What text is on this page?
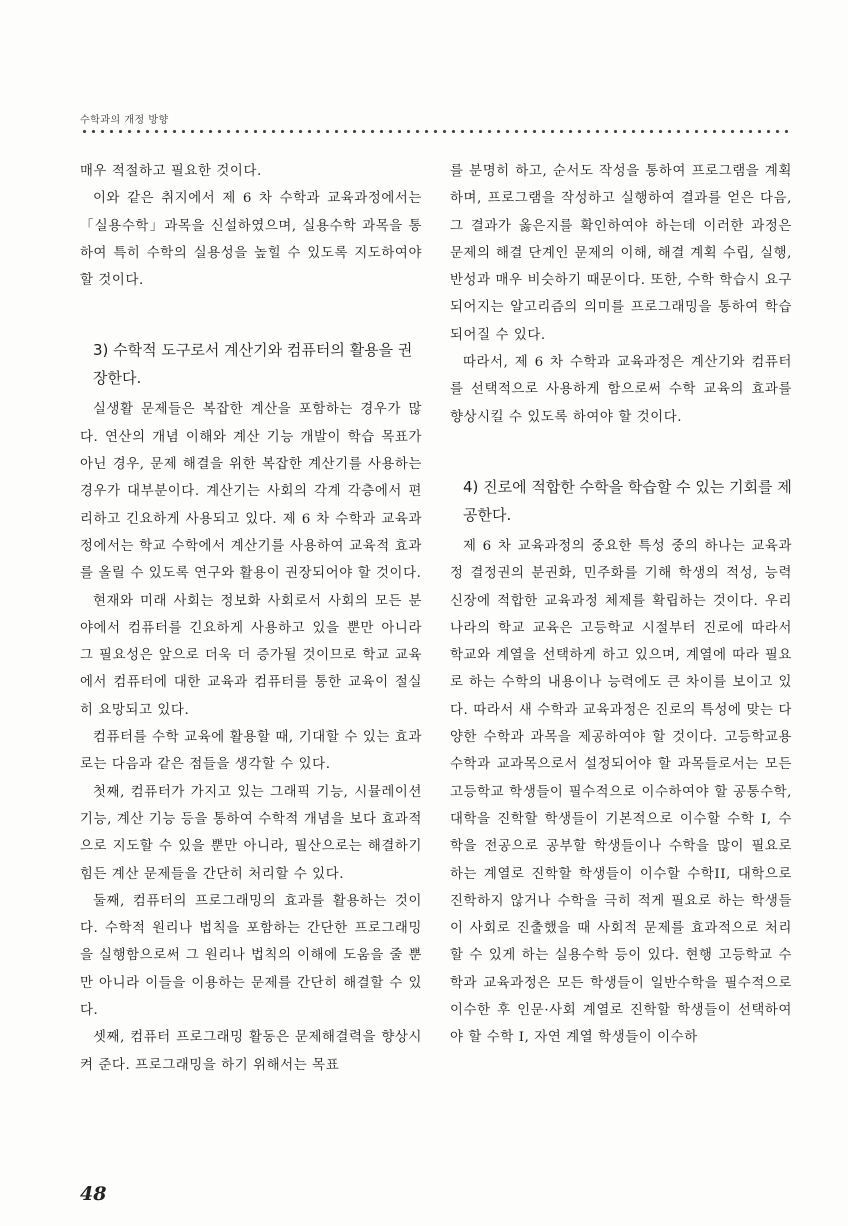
수학과의 개정 방향

매우 적절하고 필요한 것이다.

이와 같은 취지에서 제 6 차 수학과 교육과정에서는 「실용수학」과목을 신설하였으며, 실용수학 과목을 통하여 특히 수학의 실용성을 높힐 수 있도록 지도하여야 할 것이다.

3) 수학적 도구로서 계산기와 컴퓨터의 활용을 권장한다.

실생활 문제들은 복잡한 계산을 포함하는 경우가 많다. 연산의 개념 이해와 계산 기능 개발이 학습 목표가 아닌 경우, 문제 해결을 위한 복잡한 계산기를 사용하는 경우가 대부분이다. 계산기는 사회의 각계 각층에서 편리하고 긴요하게 사용되고 있다. 제 6 차 수학과 교육과정에서는 학교 수학에서 계산기를 사용하여 교육적 효과를 올릴 수 있도록 연구와 활용이 권장되어야 할 것이다.

현재와 미래 사회는 정보화 사회로서 사회의 모든 분야에서 컴퓨터를 긴요하게 사용하고 있을 뿐만 아니라 그 필요성은 앞으로 더욱 더 증가될 것이므로 학교 교육에서 컴퓨터에 대한 교육과 컴퓨터를 통한 교육이 절실히 요망되고 있다.

컴퓨터를 수학 교육에 활용할 때, 기대할 수 있는 효과로는 다음과 같은 점들을 생각할 수 있다.

첫째, 컴퓨터가 가지고 있는 그래픽 기능, 시뮬레이션 기능, 계산 기능 등을 통하여 수학적 개념을 보다 효과적으로 지도할 수 있을 뿐만 아니라, 필산으로는 해결하기 힘든 계산 문제들을 간단히 처리할 수 있다.

둘째, 컴퓨터의 프로그래밍의 효과를 활용하는 것이다. 수학적 원리나 법칙을 포함하는 간단한 프로그래밍을 실행함으로써 그 원리나 법칙의 이해에 도움을 줄 뿐만 아니라 이들을 이용하는 문제를 간단히 해결할 수 있다.

셋째, 컴퓨터 프로그래밍 활동은 문제해결력을 향상시켜 준다. 프로그래밍을 하기 위해서는 목표

를 분명히 하고, 순서도 작성을 통하여 프로그램을 계획하며, 프로그램을 작성하고 실행하여 결과를 얻은 다음, 그 결과가 옳은지를 확인하여야 하는데 이러한 과정은 문제의 해결 단계인 문제의 이해, 해결 계획 수립, 실행, 반성과 매우 비슷하기 때문이다. 또한, 수학 학습시 요구되어지는 알고리즘의 의미를 프로그래밍을 통하여 학습되어질 수 있다.

따라서, 제 6 차 수학과 교육과정은 계산기와 컴퓨터를 선택적으로 사용하게 함으로써 수학 교육의 효과를 향상시킬 수 있도록 하여야 할 것이다.

4) 진로에 적합한 수학을 학습할 수 있는 기회를 제공한다.

제 6 차 교육과정의 중요한 특성 중의 하나는 교육과정 결정권의 분권화, 민주화를 기해 학생의 적성, 능력 신장에 적합한 교육과정 체제를 확립하는 것이다. 우리 나라의 학교 교육은 고등학교 시절부터 진로에 따라서 학교와 계열을 선택하게 하고 있으며, 계열에 따라 필요로 하는 수학의 내용이나 능력에도 큰 차이를 보이고 있다. 따라서 새 수학과 교육과정은 진로의 특성에 맞는 다양한 수학과 과목을 제공하여야 할 것이다. 고등학교용 수학과 교과목으로서 설정되어야 할 과목들로서는 모든 고등학교 학생들이 필수적으로 이수하여야 할 공통수학, 대학을 진학할 학생들이 기본적으로 이수할 수학 I, 수학을 전공으로 공부할 학생들이나 수학을 많이 필요로 하는 계열로 진학할 학생들이 이수할 수학II, 대학으로 진학하지 않거나 수학을 극히 적게 필요로 하는 학생들이 사회로 진출했을 때 사회적 문제를 효과적으로 처리할 수 있게 하는 실용수학 등이 있다. 현행 고등학교 수학과 교육과정은 모든 학생들이 일반수학을 필수적으로 이수한 후 인문·사회 계열로 진학할 학생들이 선택하여야 할 수학 I, 자연 계열 학생들이 이수하

48
